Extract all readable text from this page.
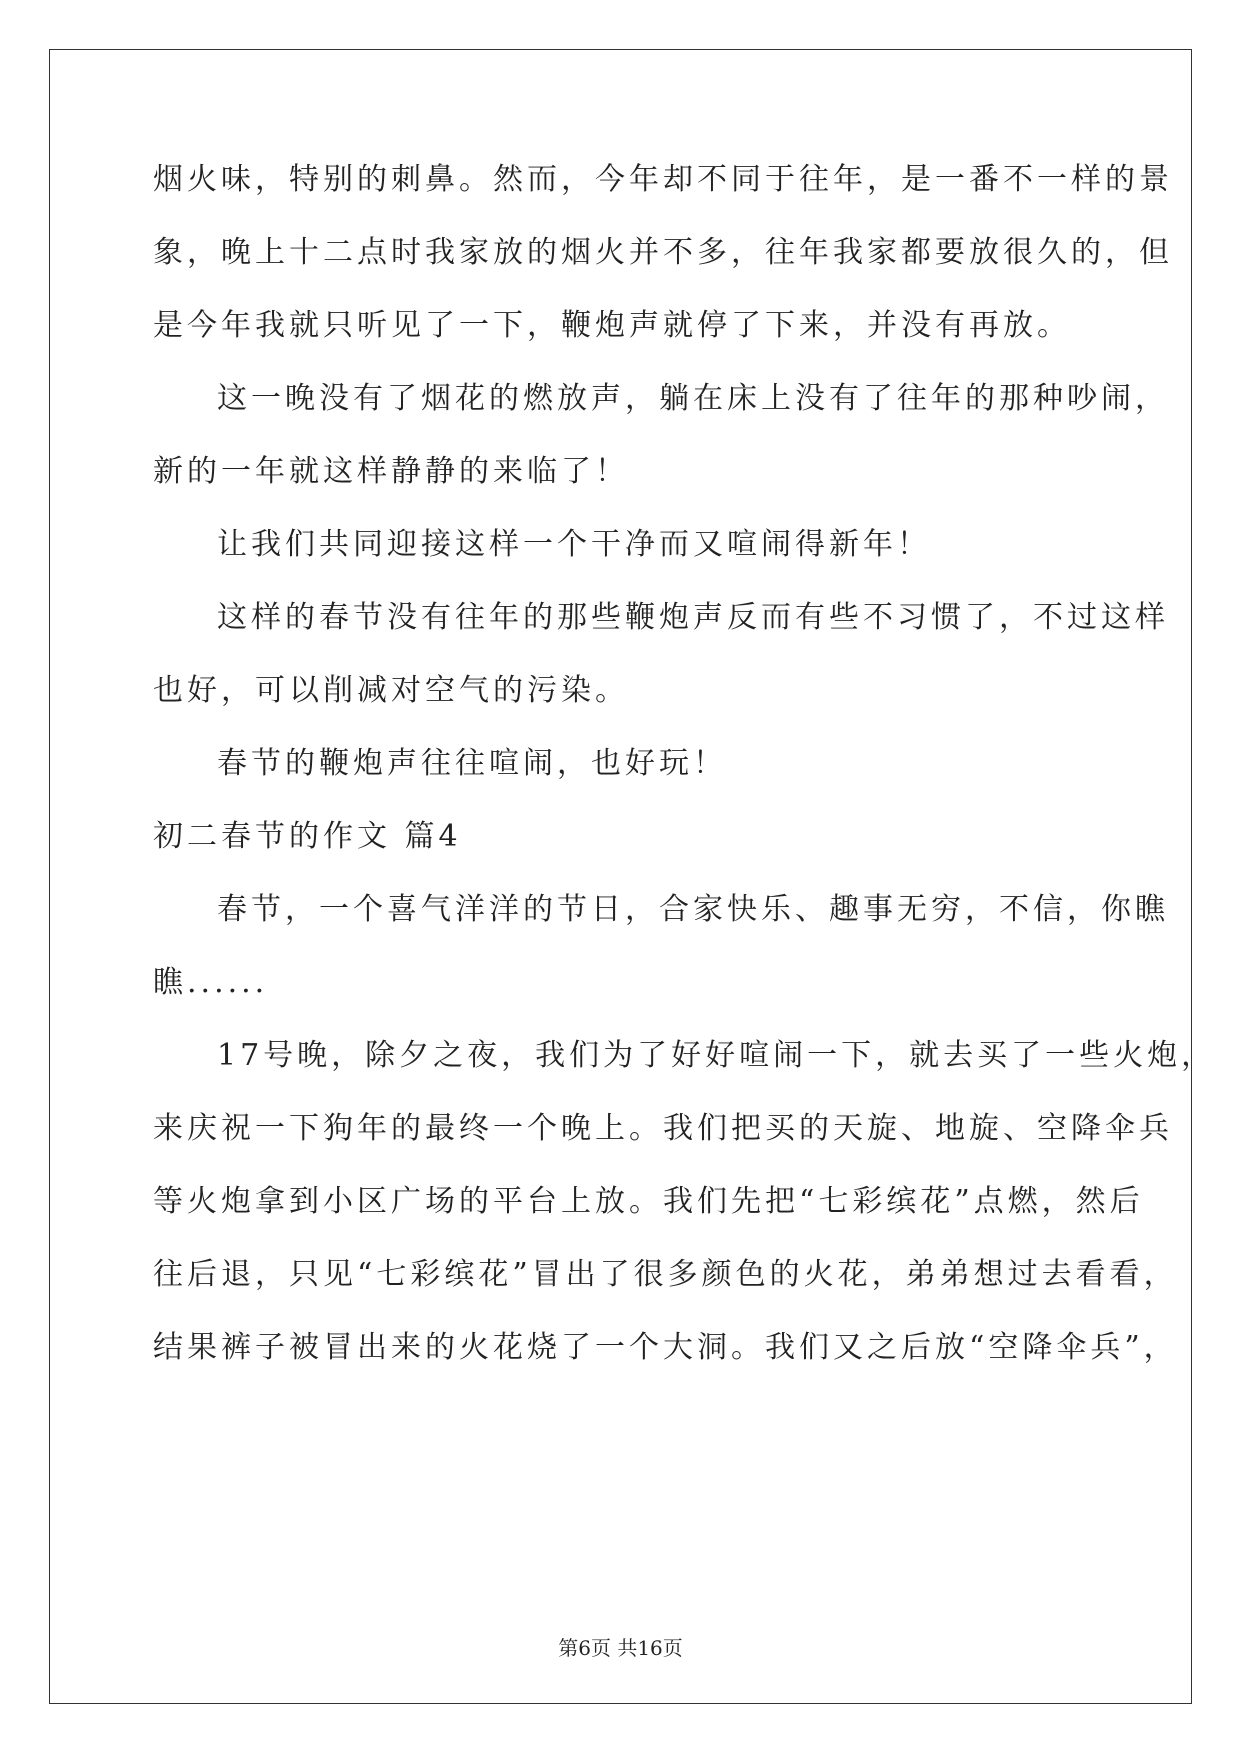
烟火味，特别的刺鼻。然而，今年却不同于往年，是一番不一样的景
象，晚上十二点时我家放的烟火并不多，往年我家都要放很久的，但
是今年我就只听见了一下，鞭炮声就停了下来，并没有再放。
这一晚没有了烟花的燃放声，躺在床上没有了往年的那种吵闹，
新的一年就这样静静的来临了！
让我们共同迎接这样一个干净而又喧闹得新年！
这样的春节没有往年的那些鞭炮声反而有些不习惯了，不过这样
也好，可以削减对空气的污染。
春节的鞭炮声往往喧闹，也好玩！
初二春节的作文 篇4
春节，一个喜气洋洋的节日，合家快乐、趣事无穷，不信，你瞧
瞧......
17号晚，除夕之夜，我们为了好好喧闹一下，就去买了一些火炮，
来庆祝一下狗年的最终一个晚上。我们把买的天旋、地旋、空降伞兵
等火炮拿到小区广场的平台上放。我们先把“七彩缤花”点燃，然后
往后退，只见“七彩缤花”冒出了很多颜色的火花，弟弟想过去看看，
结果裤子被冒出来的火花烧了一个大洞。我们又之后放“空降伞兵”，
第6页 共16页
